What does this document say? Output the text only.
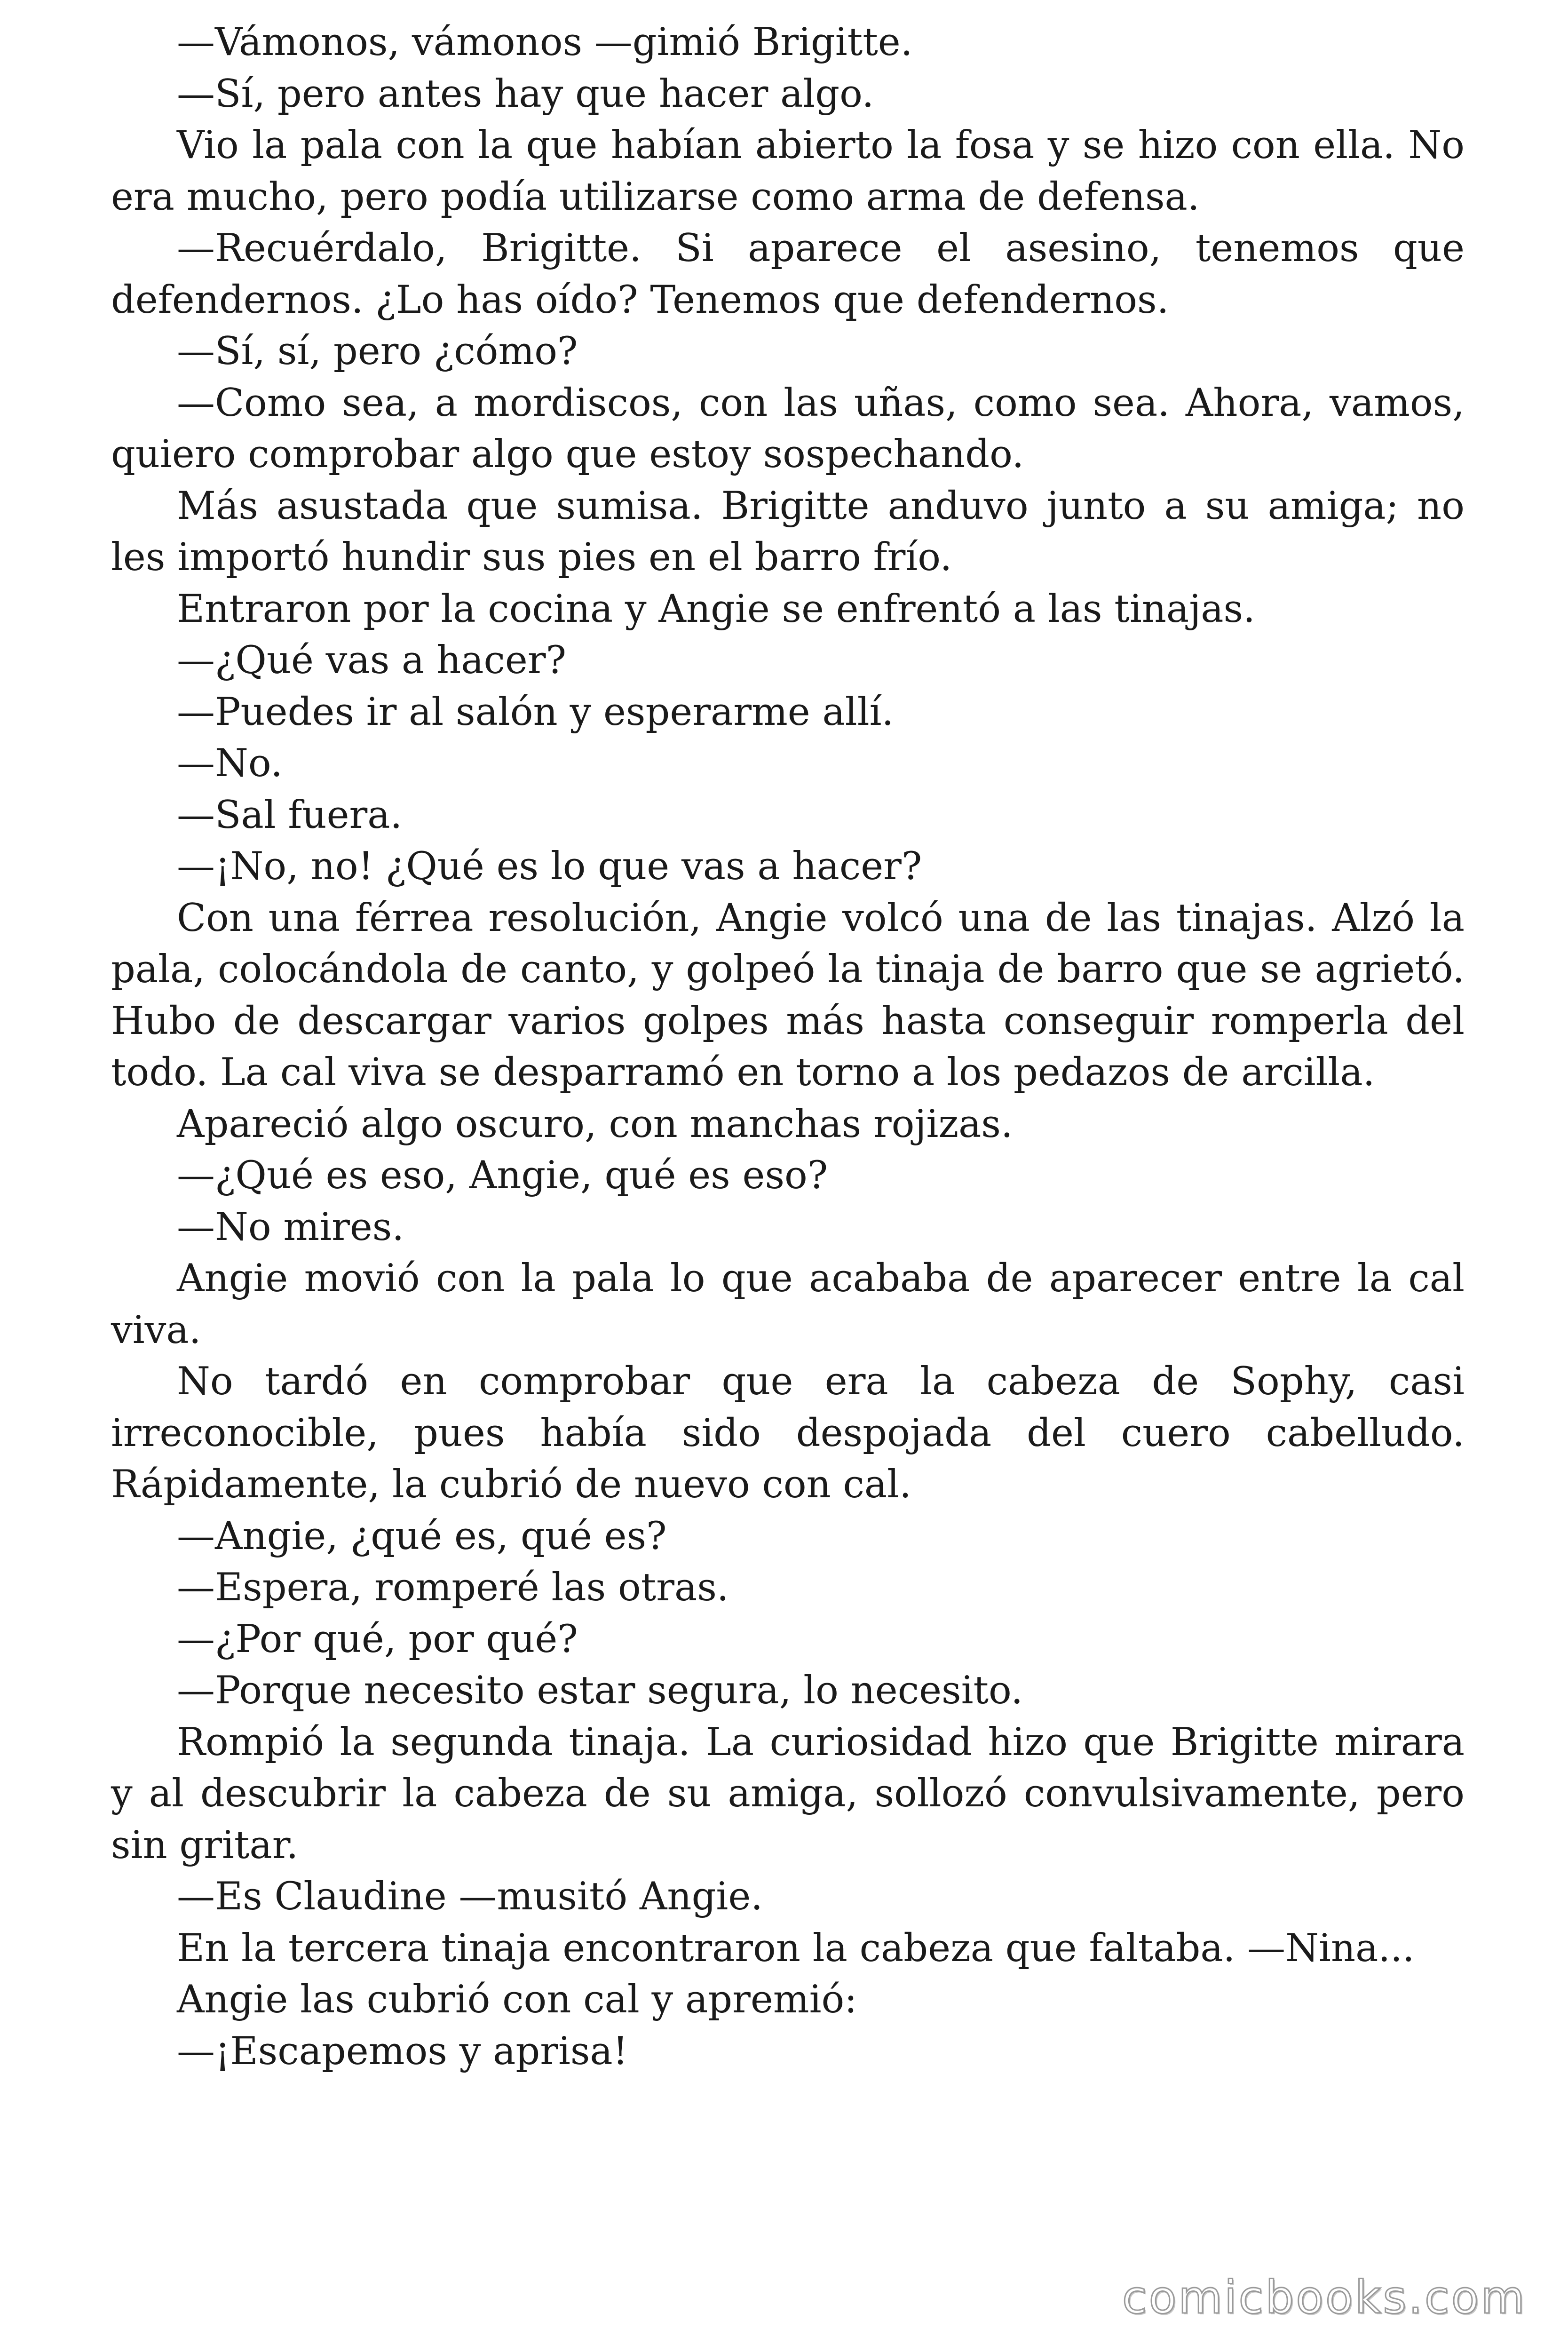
—Vámonos, vámonos —gimió Brigitte.

—Sí, pero antes hay que hacer algo.

Vio la pala con la que habían abierto la fosa y se hizo con ella. No era mucho, pero podía utilizarse como arma de defensa.

—Recuérdalo, Brigitte. Si aparece el asesino, tenemos que defendernos. ¿Lo has oído? Tenemos que defendernos.

—Sí, sí, pero ¿cómo?

—Como sea, a mordiscos, con las uñas, como sea. Ahora, vamos, quiero comprobar algo que estoy sospechando.

Más asustada que sumisa. Brigitte anduvo junto a su amiga; no les importó hundir sus pies en el barro frío.

Entraron por la cocina y Angie se enfrentó a las tinajas.

—¿Qué vas a hacer?

—Puedes ir al salón y esperarme allí.

—No.

—Sal fuera.

—¡No, no! ¿Qué es lo que vas a hacer?

Con una férrea resolución, Angie volcó una de las tinajas. Alzó la pala, colocándola de canto, y golpeó la tinaja de barro que se agrietó. Hubo de descargar varios golpes más hasta conseguir romperla del todo. La cal viva se desparramó en torno a los pedazos de arcilla.

Apareció algo oscuro, con manchas rojizas.

—¿Qué es eso, Angie, qué es eso?

—No mires.

Angie movió con la pala lo que acababa de aparecer entre la cal viva.

No tardó en comprobar que era la cabeza de Sophy, casi irreconocible, pues había sido despojada del cuero cabelludo. Rápidamente, la cubrió de nuevo con cal.

—Angie, ¿qué es, qué es?

—Espera, romperé las otras.

—¿Por qué, por qué?

—Porque necesito estar segura, lo necesito.

Rompió la segunda tinaja. La curiosidad hizo que Brigitte mirara y al descubrir la cabeza de su amiga, sollozó convulsivamente, pero sin gritar.

—Es Claudine —musitó Angie.

En la tercera tinaja encontraron la cabeza que faltaba. —Nina...

Angie las cubrió con cal y apremió:

—¡Escapemos y aprisa!

comicbooks.com
